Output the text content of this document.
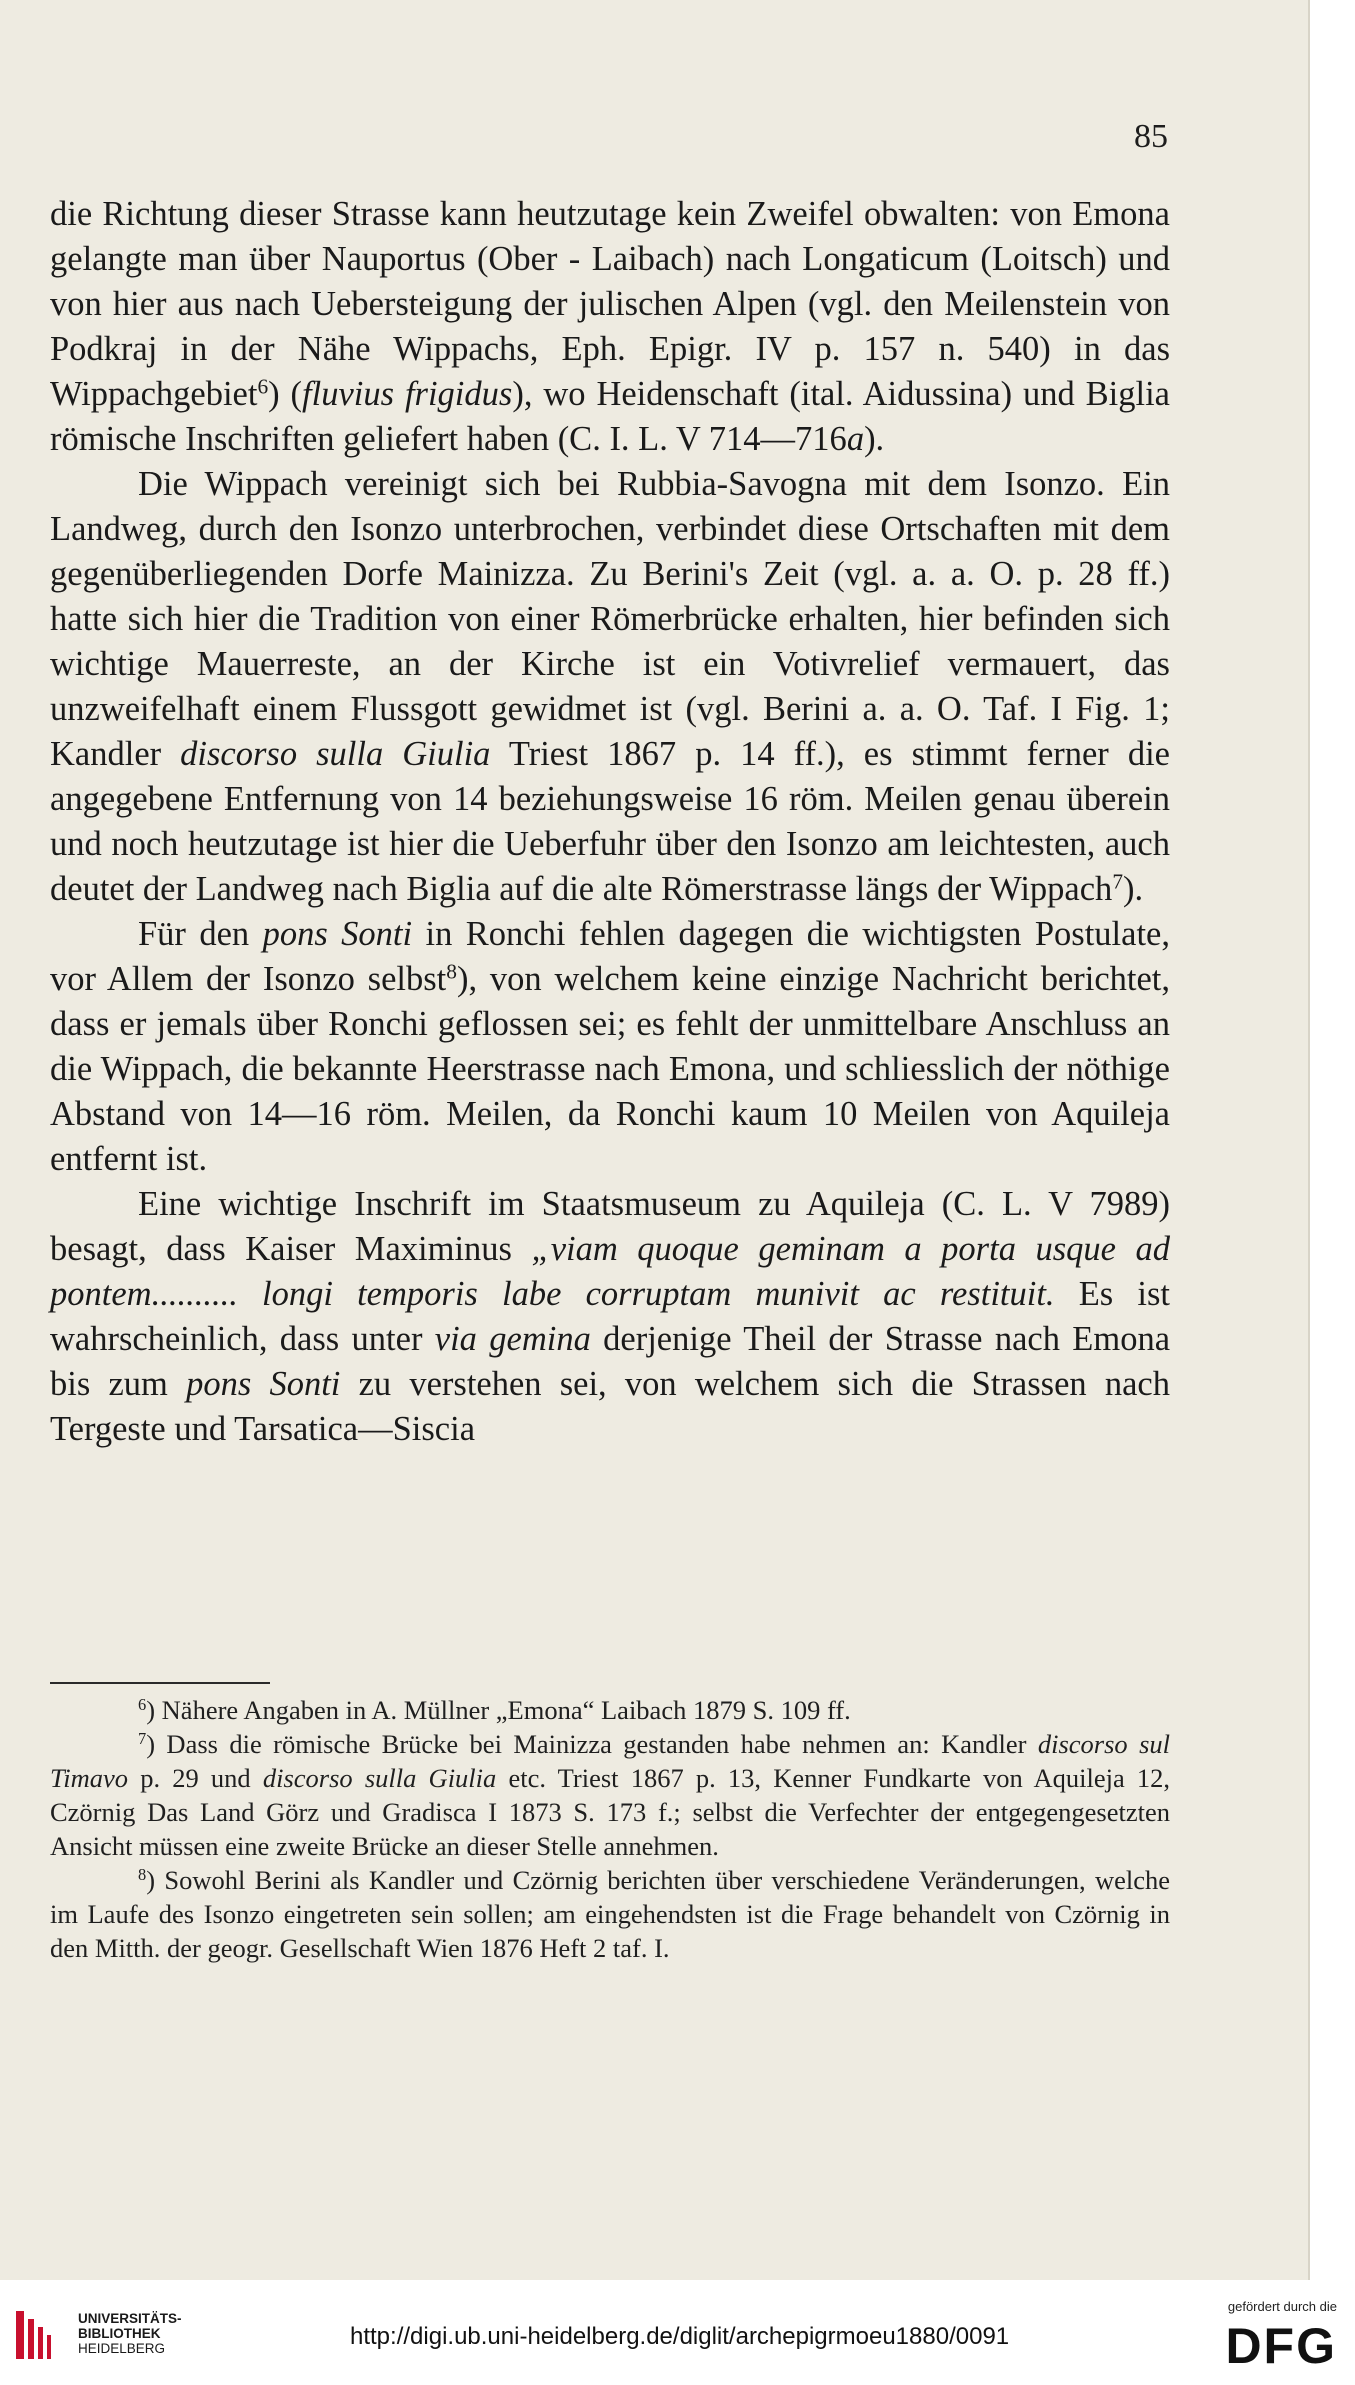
85

die Richtung dieser Strasse kann heutzutage kein Zweifel obwalten: von Emona gelangte man über Nauportus (Ober - Laibach) nach Longaticum (Loitsch) und von hier aus nach Uebersteigung der julischen Alpen (vgl. den Meilenstein von Podkraj in der Nähe Wippachs, Eph. Epigr. IV p. 157 n. 540) in das Wippachgebiet$^6$) (fluvius frigidus), wo Heidenschaft (ital. Aidussina) und Biglia römische Inschriften geliefert haben (C. I. L. V 714—716a).

Die Wippach vereinigt sich bei Rubbia-Savogna mit dem Isonzo. Ein Landweg, durch den Isonzo unterbrochen, verbindet diese Ortschaften mit dem gegenüberliegenden Dorfe Mainizza. Zu Berini's Zeit (vgl. a. a. O. p. 28 ff.) hatte sich hier die Tradition von einer Römerbrücke erhalten, hier befinden sich wichtige Mauerreste, an der Kirche ist ein Votivrelief vermauert, das unzweifelhaft einem Flussgott gewidmet ist (vgl. Berini a. a. O. Taf. I Fig. 1; Kandler discorso sulla Giulia Triest 1867 p. 14 ff.), es stimmt ferner die angegebene Entfernung von 14 beziehungsweise 16 röm. Meilen genau überein und noch heutzutage ist hier die Ueberfuhr über den Isonzo am leichtesten, auch deutet der Landweg nach Biglia auf die alte Römerstrasse längs der Wippach$^7$).

Für den pons Sonti in Ronchi fehlen dagegen die wichtigsten Postulate, vor Allem der Isonzo selbst$^8$), von welchem keine einzige Nachricht berichtet, dass er jemals über Ronchi geflossen sei; es fehlt der unmittelbare Anschluss an die Wippach, die bekannte Heerstrasse nach Emona, und schliesslich der nöthige Abstand von 14—16 röm. Meilen, da Ronchi kaum 10 Meilen von Aquileja entfernt ist.

Eine wichtige Inschrift im Staatsmuseum zu Aquileja (C. L. V 7989) besagt, dass Kaiser Maximinus „viam quoque geminam a porta usque ad pontem.......... longi temporis labe corruptam munivit ac restituit. Es ist wahrscheinlich, dass unter via gemina derjenige Theil der Strasse nach Emona bis zum pons Sonti zu verstehen sei, von welchem sich die Strassen nach Tergeste und Tarsatica—Siscia

$^6$) Nähere Angaben in A. Müllner „Emona“ Laibach 1879 S. 109 ff.

$^7$) Dass die römische Brücke bei Mainizza gestanden habe nehmen an: Kandler discorso sul Timavo p. 29 und discorso sulla Giulia etc. Triest 1867 p. 13, Kenner Fundkarte von Aquileja 12, Czörnig Das Land Görz und Gradisca I 1873 S. 173 f.; selbst die Verfechter der entgegengesetzten Ansicht müssen eine zweite Brücke an dieser Stelle annehmen.

$^8$) Sowohl Berini als Kandler und Czörnig berichten über verschiedene Veränderungen, welche im Laufe des Isonzo eingetreten sein sollen; am eingehendsten ist die Frage behandelt von Czörnig in den Mitth. der geogr. Gesellschaft Wien 1876 Heft 2 taf. I.

UNIVERSITÄTS-
BIBLIOTHEK
HEIDELBERG	http://digi.ub.uni-heidelberg.de/diglit/archepigrmoeu1880/0091
gefördert durch die
DFG
